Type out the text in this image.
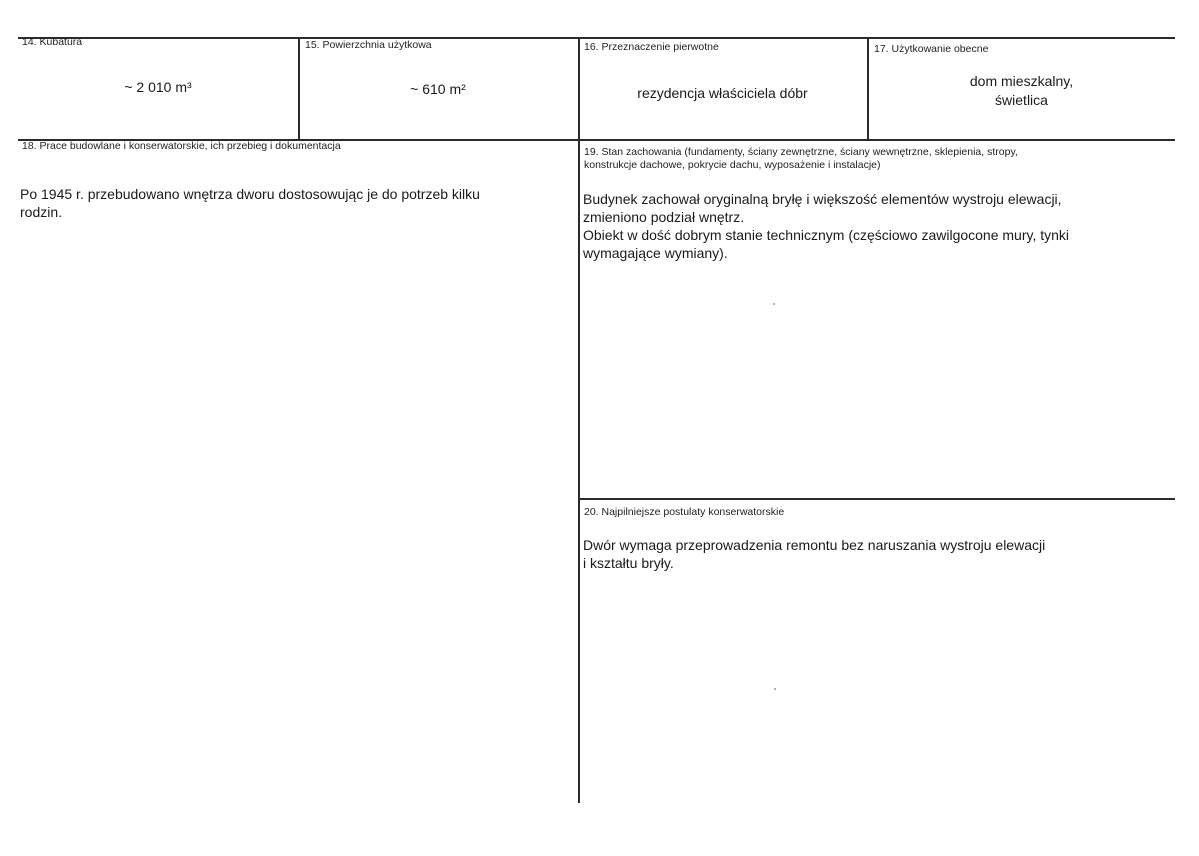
14. Kubatura
~ 2 010 m³
15. Powierzchnia użytkowa
~ 610 m²
16. Przeznaczenie pierwotne
rezydencja właściciela dóbr
17. Użytkowanie obecne
dom mieszkalny,
świetlica
18. Prace budowlane i konserwatorskie, ich przebieg i dokumentacja
Po 1945 r. przebudowano wnętrza dworu dostosowując je do potrzeb kilku
rodzin.
19. Stan zachowania (fundamenty, ściany zewnętrzne, ściany wewnętrzne, sklepienia, stropy,
konstrukcje dachowe, pokrycie dachu, wyposażenie i instalacje)
Budynek zachował oryginalną bryłę i większość elementów wystroju elewacji,
zmieniono podział wnętrz.
Obiekt w dość dobrym stanie technicznym (częściowo zawilgocone mury, tynki
wymagające wymiany).
20. Najpilniejsze postulaty konserwatorskie
Dwór wymaga przeprowadzenia remontu bez naruszania wystroju elewacji
i kształtu bryły.
